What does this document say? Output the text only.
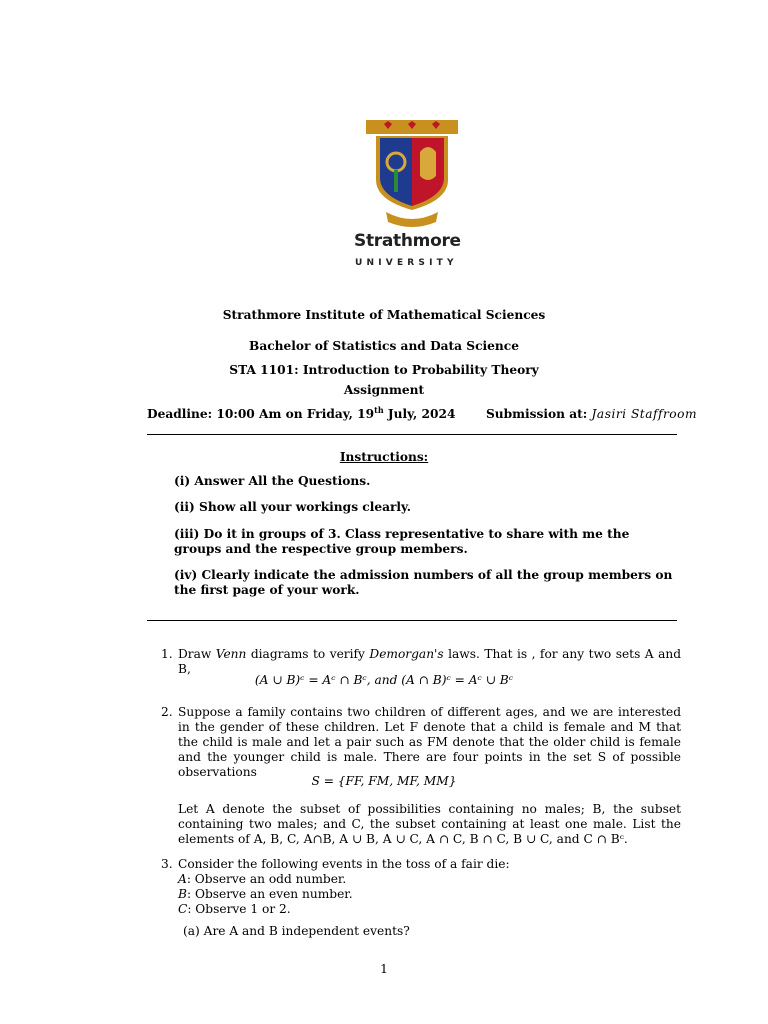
Strathmore
UNIVERSITY
Strathmore Institute of Mathematical Sciences
Bachelor of Statistics and Data Science
STA 1101: Introduction to Probability Theory
Assignment
Deadline: 10:00 Am on Friday, 19th July, 2024	Submission at: Jasiri Staffroom
Instructions:
(i) Answer All the Questions.
(ii) Show all your workings clearly.
(iii) Do it in groups of 3. Class representative to share with me the groups and the respective group members.
(iv) Clearly indicate the admission numbers of all the group members on the first page of your work.
1. Draw Venn diagrams to verify Demorgan's laws. That is , for any two sets A and B,
(A ∪ B)ᶜ = Aᶜ ∩ Bᶜ, and (A ∩ B)ᶜ = Aᶜ ∪ Bᶜ
2. Suppose a family contains two children of different ages, and we are interested in the gender of these children. Let F denote that a child is female and M that the child is male and let a pair such as FM denote that the older child is female and the younger child is male. There are four points in the set S of possible observations
S = {FF, FM, MF, MM}
Let A denote the subset of possibilities containing no males; B, the subset containing two males; and C, the subset containing at least one male. List the elements of A, B, C, A∩B, A ∪ B, A ∪ C, A ∩ C, B ∩ C, B ∪ C, and C ∩ Bᶜ.
3. Consider the following events in the toss of a fair die:
A: Observe an odd number.
B: Observe an even number.
C: Observe 1 or 2.
(a) Are A and B independent events?
1
